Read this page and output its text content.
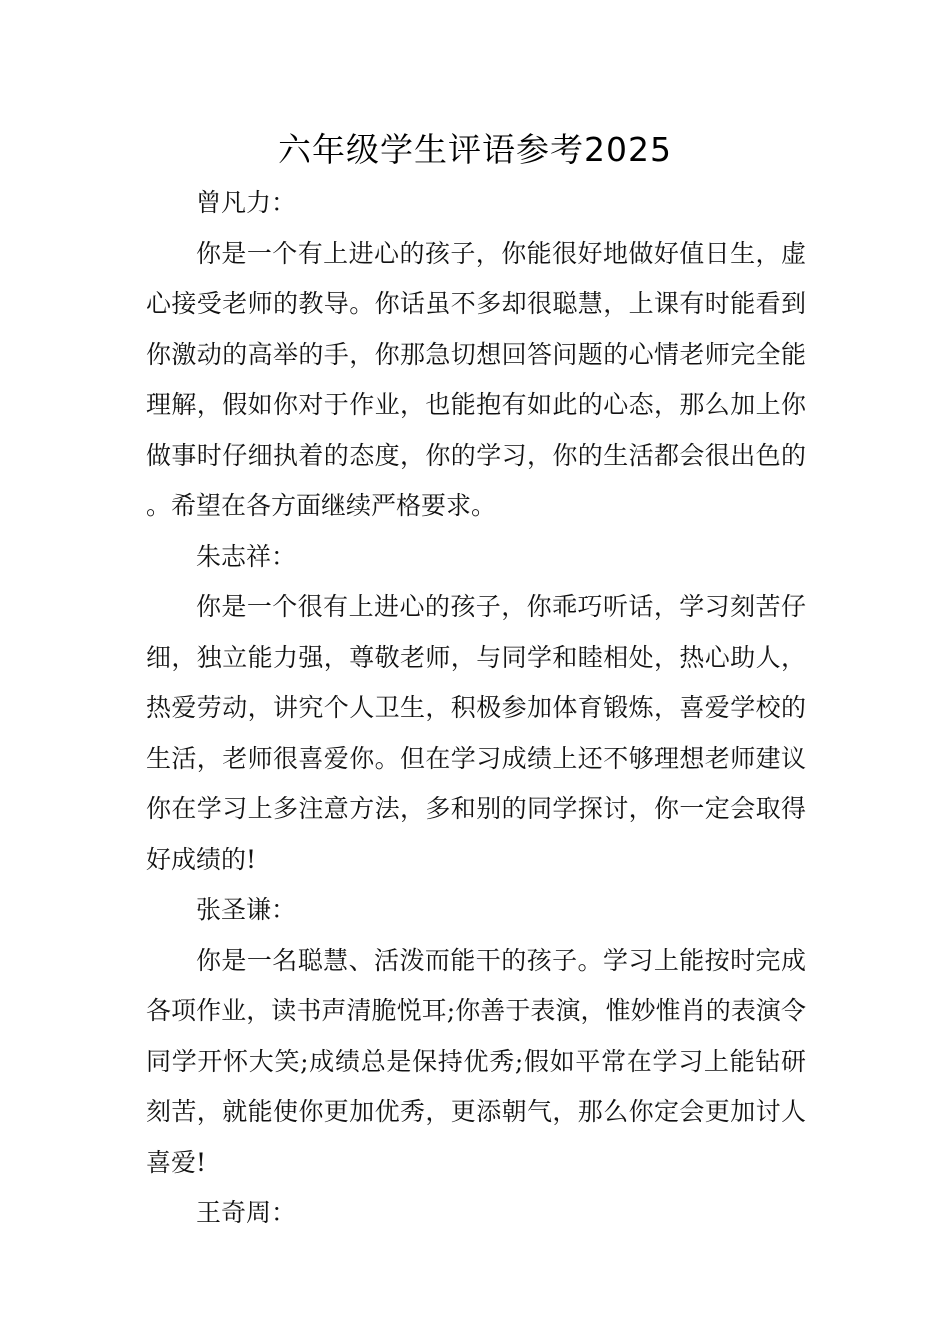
六年级学生评语参考2025

曾凡力：

你是一个有上进心的孩子，你能很好地做好值日生，虚心接受老师的教导。你话虽不多却很聪慧，上课有时能看到你激动的高举的手，你那急切想回答问题的心情老师完全能理解，假如你对于作业，也能抱有如此的心态，那么加上你做事时仔细执着的态度，你的学习，你的生活都会很出色的。希望在各方面继续严格要求。

朱志祥：

你是一个很有上进心的孩子，你乖巧听话，学习刻苦仔细，独立能力强，尊敬老师，与同学和睦相处，热心助人，热爱劳动，讲究个人卫生，积极参加体育锻炼，喜爱学校的生活，老师很喜爱你。但在学习成绩上还不够理想老师建议你在学习上多注意方法，多和别的同学探讨，你一定会取得好成绩的!

张圣谦：

你是一名聪慧、活泼而能干的孩子。学习上能按时完成各项作业，读书声清脆悦耳;你善于表演，惟妙惟肖的表演令同学开怀大笑;成绩总是保持优秀;假如平常在学习上能钻研刻苦，就能使你更加优秀，更添朝气，那么你定会更加讨人喜爱!

王奇周：
